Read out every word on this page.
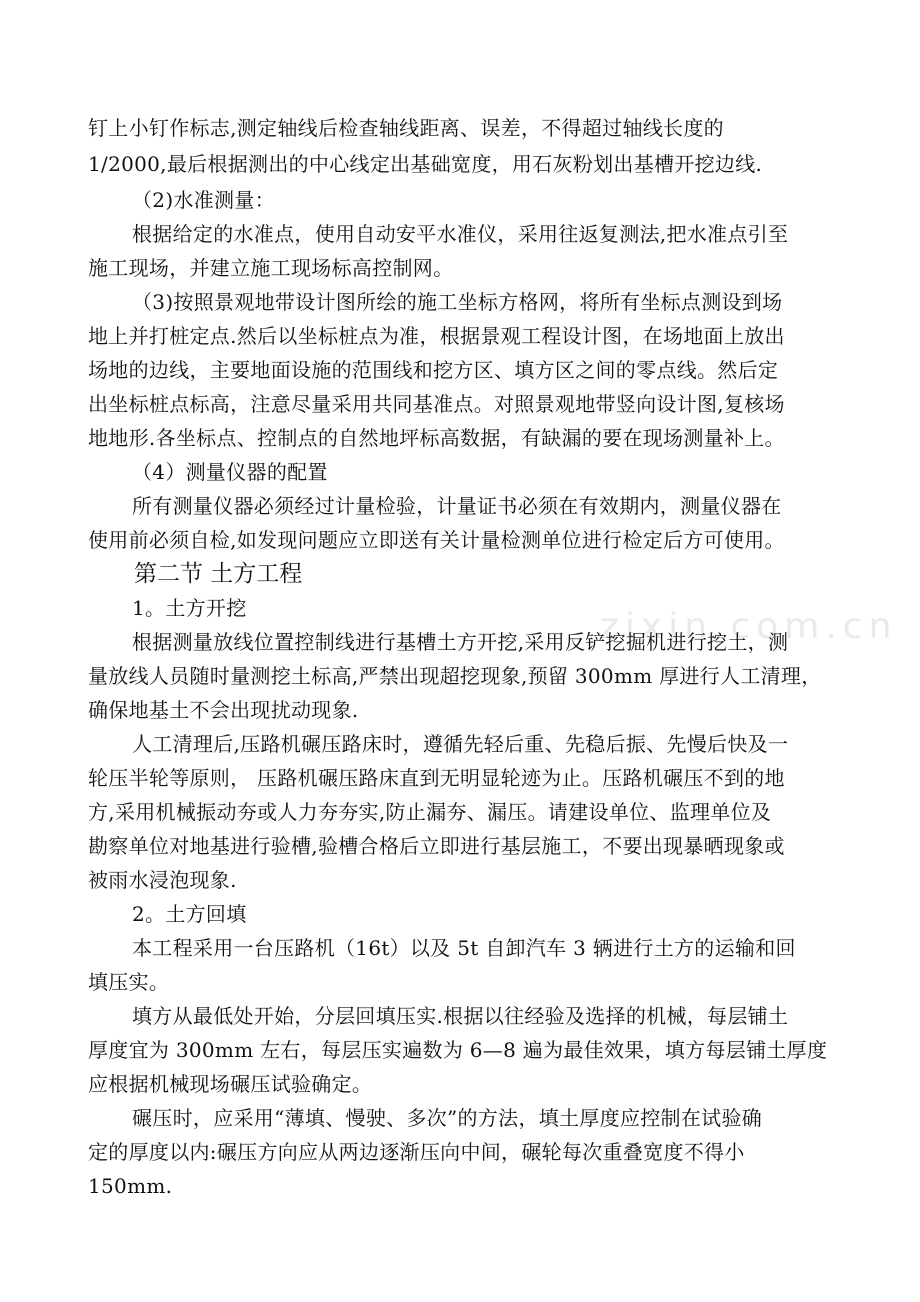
zixin.com.cn
钉上小钉作标志,测定轴线后检查轴线距离、误差，不得超过轴线长度的
1/2000,最后根据测出的中心线定出基础宽度，用石灰粉划出基槽开挖边线.
（2)水准测量：
根据给定的水准点，使用自动安平水准仪，采用往返复测法,把水准点引至
施工现场，并建立施工现场标高控制网。
（3)按照景观地带设计图所绘的施工坐标方格网，将所有坐标点测设到场
地上并打桩定点.然后以坐标桩点为准，根据景观工程设计图，在场地面上放出
场地的边线，主要地面设施的范围线和挖方区、填方区之间的零点线。然后定
出坐标桩点标高，注意尽量采用共同基准点。对照景观地带竖向设计图,复核场
地地形.各坐标点、控制点的自然地坪标高数据，有缺漏的要在现场测量补上。
（4）测量仪器的配置
所有测量仪器必须经过计量检验，计量证书必须在有效期内，测量仪器在
使用前必须自检,如发现问题应立即送有关计量检测单位进行检定后方可使用。
第二节 土方工程
1。土方开挖
根据测量放线位置控制线进行基槽土方开挖,采用反铲挖掘机进行挖土，测
量放线人员随时量测挖土标高,严禁出现超挖现象,预留 300mm 厚进行人工清理，
确保地基土不会出现扰动现象.
人工清理后,压路机碾压路床时，遵循先轻后重、先稳后振、先慢后快及一
轮压半轮等原则， 压路机碾压路床直到无明显轮迹为止。压路机碾压不到的地
方,采用机械振动夯或人力夯夯实,防止漏夯、漏压。请建设单位、监理单位及
勘察单位对地基进行验槽,验槽合格后立即进行基层施工，不要出现暴晒现象或
被雨水浸泡现象.
2。土方回填
本工程采用一台压路机（16t）以及 5t 自卸汽车 3 辆进行土方的运输和回
填压实。
填方从最低处开始，分层回填压实.根据以往经验及选择的机械，每层铺土
厚度宜为 300mm 左右，每层压实遍数为 6—8 遍为最佳效果，填方每层铺土厚度
应根据机械现场碾压试验确定。
碾压时，应采用“薄填、慢驶、多次”的方法，填土厚度应控制在试验确
定的厚度以内:碾压方向应从两边逐渐压向中间，碾轮每次重叠宽度不得小
150mm.
